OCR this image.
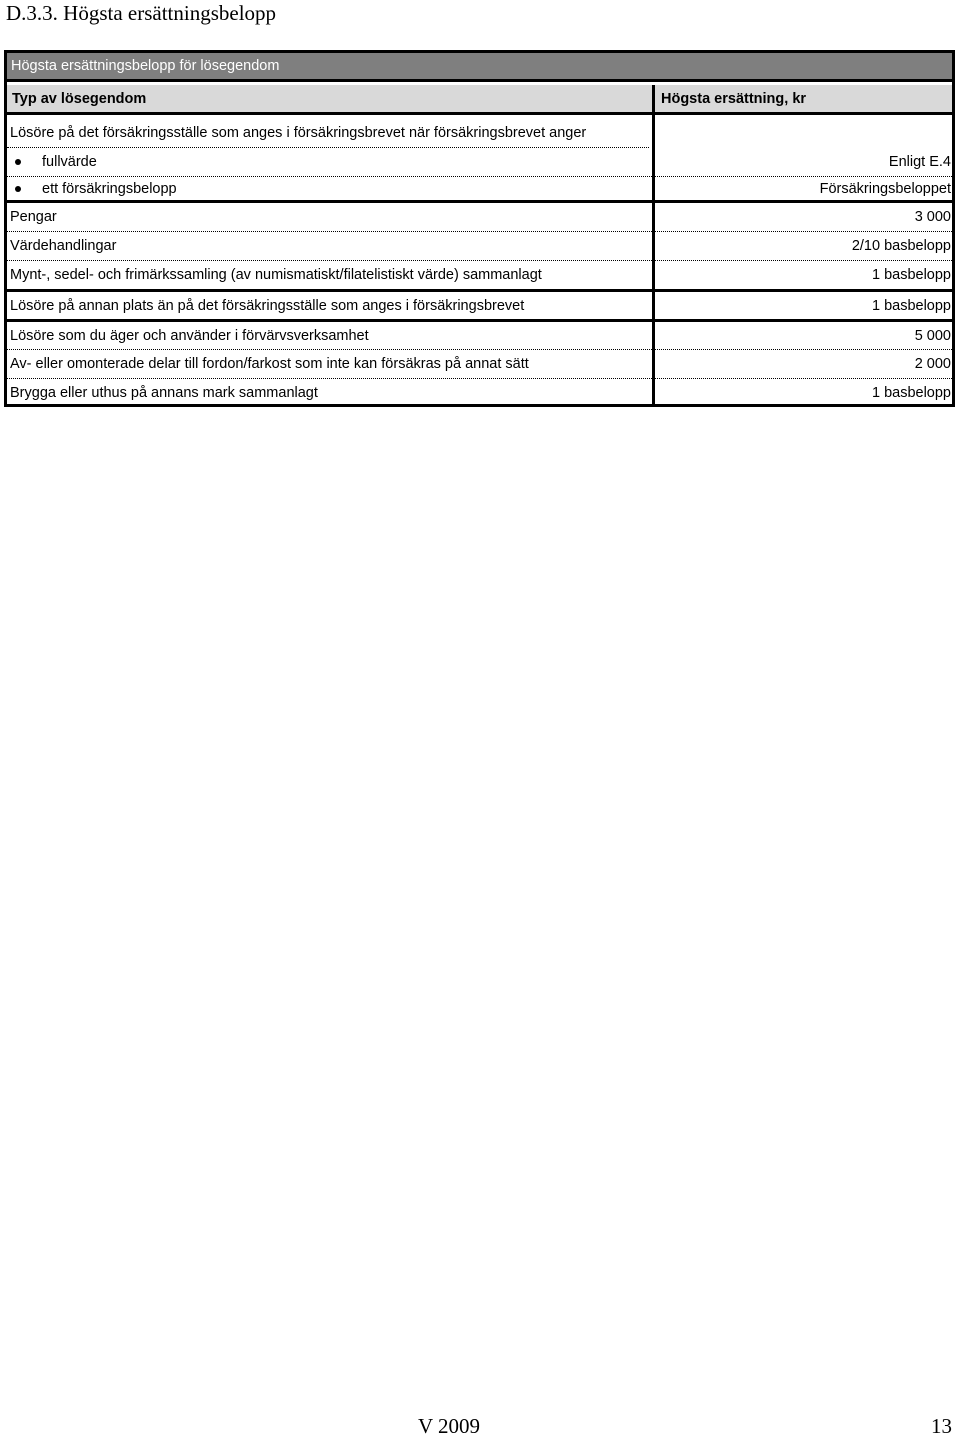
D.3.3. Högsta ersättningsbelopp
Högsta ersättningsbelopp för lösegendom
Typ av lösegendom	Högsta ersättning, kr
Lösöre på det försäkringsställe som anges i försäkringsbrevet när försäkringsbrevet anger
fullvärde	Enligt E.4
ett försäkringsbelopp	Försäkringsbeloppet
Pengar	3 000
Värdehandlingar	2/10 basbelopp
Mynt-, sedel- och frimärkssamling (av numismatiskt/filatelistiskt värde) sammanlagt	1 basbelopp
Lösöre på annan plats än på det försäkringsställe som anges i försäkringsbrevet	1 basbelopp
Lösöre som du äger och använder i förvärvsverksamhet	5 000
Av- eller omonterade delar till fordon/farkost som inte kan försäkras på annat sätt	2 000
Brygga eller uthus på annans mark sammanlagt	1 basbelopp
V 2009	13
